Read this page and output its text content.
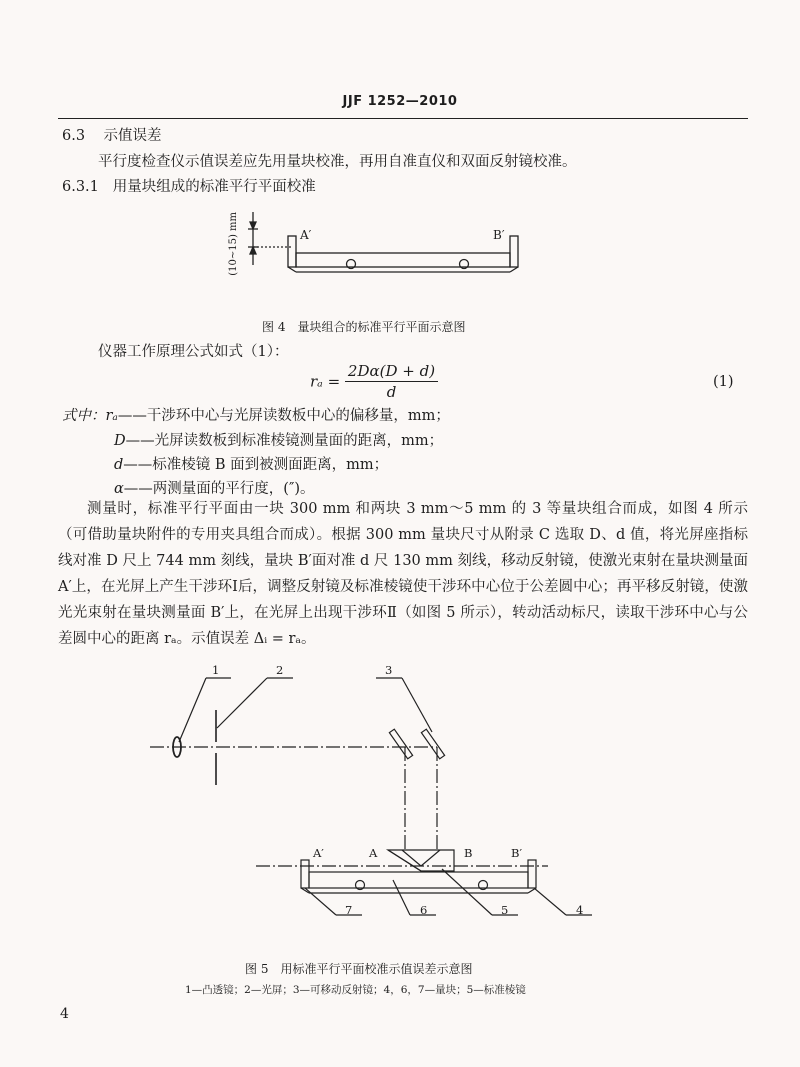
JJF 1252—2010
6.3 示值误差
平行度检查仪示值误差应先用量块校准，再用自准直仪和双面反射镜校准。
6.3.1 用量块组成的标准平行平面校准
(10~15) mm	A′	B′
图 4　量块组合的标准平行平面示意图
仪器工作原理公式如式（1）：
$r_a = \frac{2D\alpha(D + d)}{d}$	(1)
式中：rₐ——干涉环中心与光屏读数板中心的偏移量，mm；
D——光屏读数板到标准棱镜测量面的距离，mm；
d——标准棱镜 B 面到被测面距离，mm；
α——两测量面的平行度，(″)。
测量时，标准平行平面由一块 300 mm 和两块 3 mm～5 mm 的 3 等量块组合而成，如图 4 所示（可借助量块附件的专用夹具组合而成）。根据 300 mm 量块尺寸从附录 C 选取 D、d 值，将光屏座指标线对准 D 尺上 744 mm 刻线，量块 B′面对准 d 尺 130 mm 刻线，移动反射镜，使激光束射在量块测量面 A′上，在光屏上产生干涉环Ⅰ后，调整反射镜及标准棱镜使干涉环中心位于公差圆中心；再平移反射镜，使激光光束射在量块测量面 B′上，在光屏上出现干涉环Ⅱ（如图 5 所示），转动活动标尺，读取干涉环中心与公差圆中心的距离 rₐ。示值误差 Δᵢ = rₐ。
1	2	3
4
5
6
7
A′	A	B	B′
图 5　用标准平行平面校准示值误差示意图
1—凸透镜；2—光屏；3—可移动反射镜；4，6，7—量块；5—标准棱镜
4
